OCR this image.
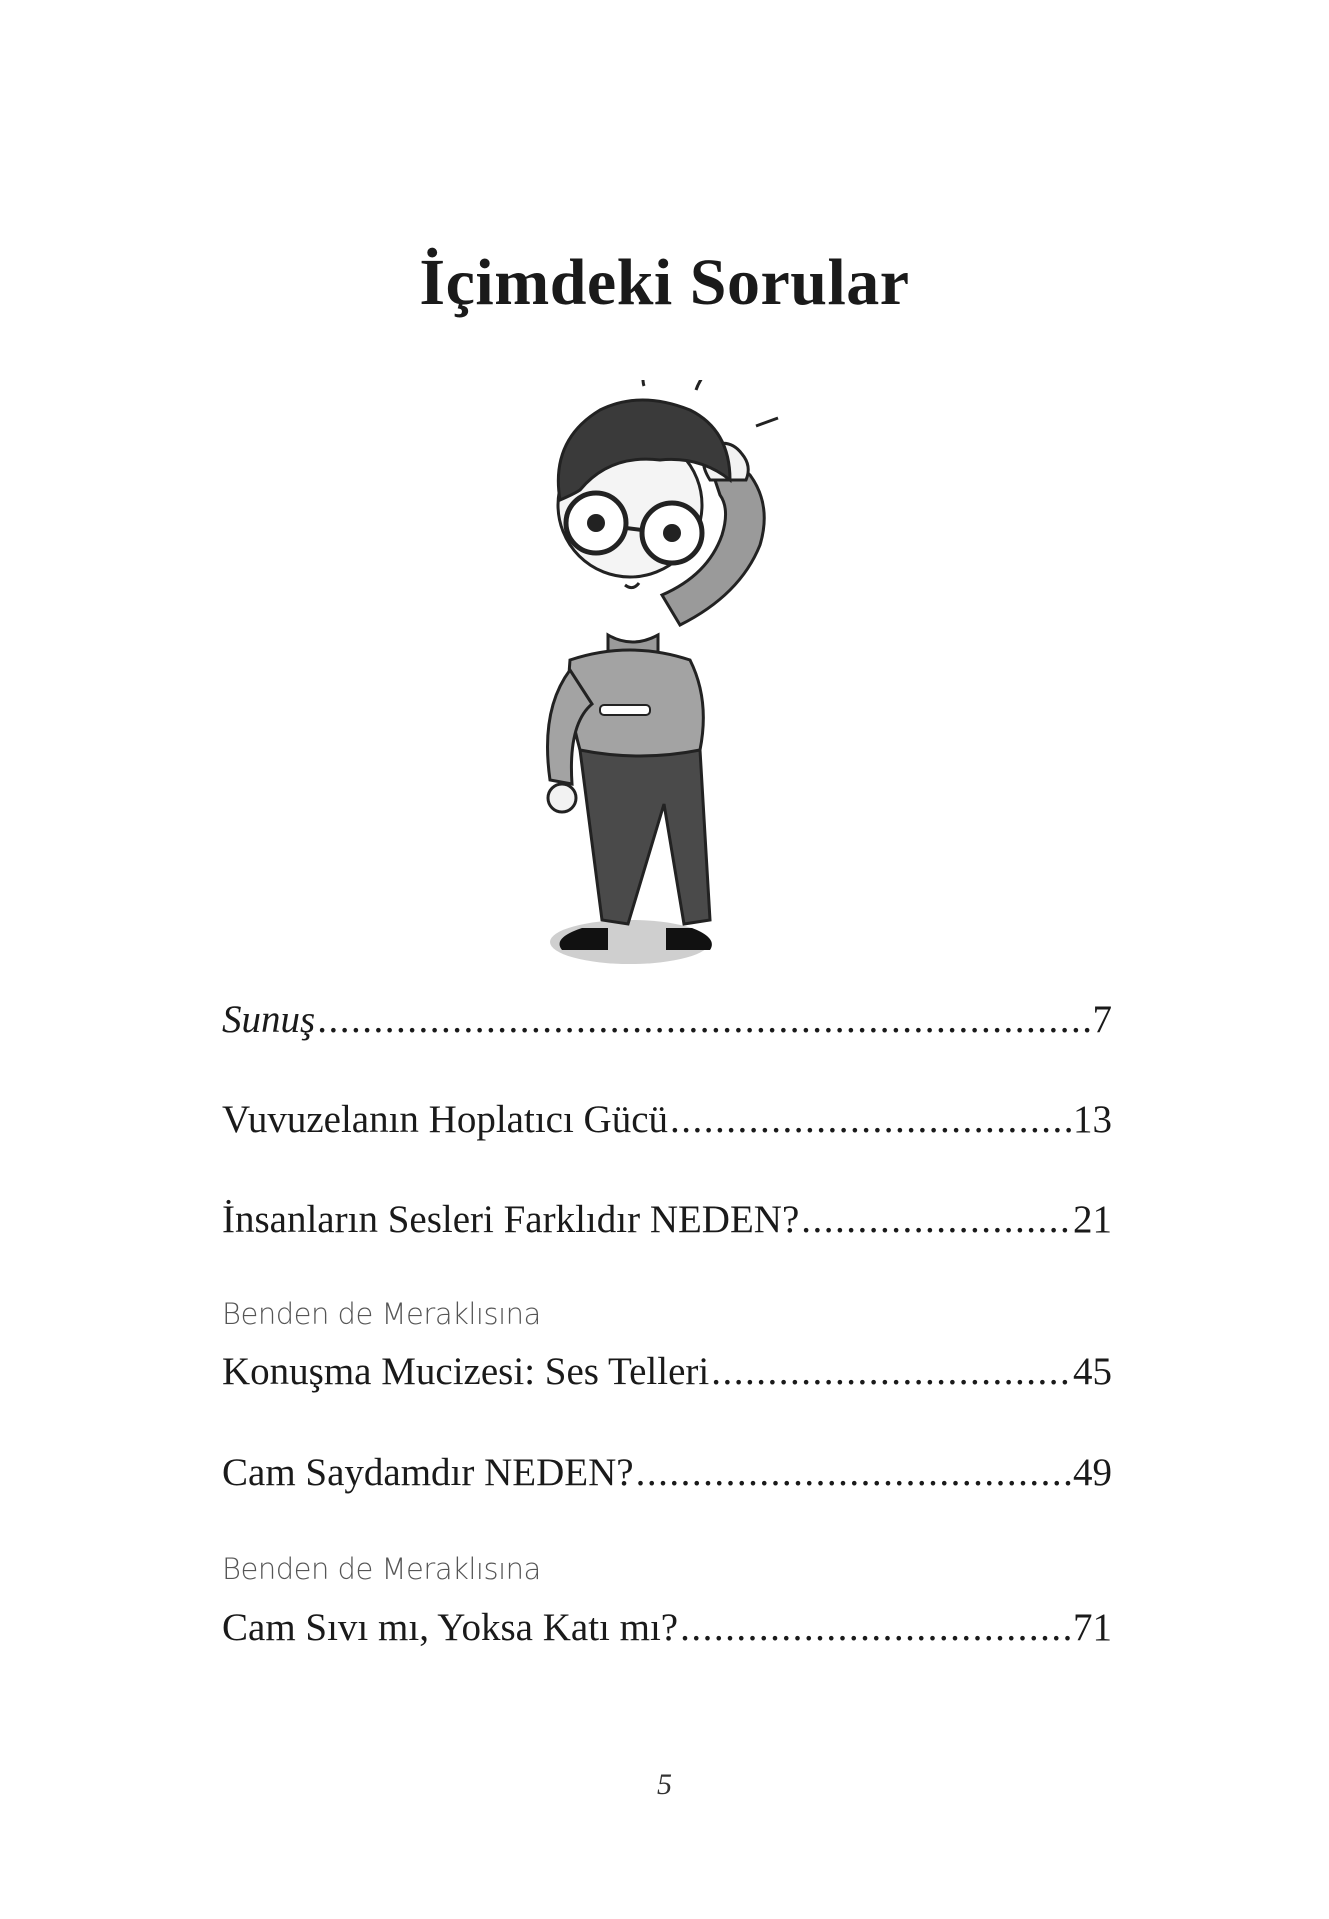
İçimdeki Sorular
Sunuş .....	7
Vuvuzelanın Hoplatıcı Gücü .....	13
İnsanların Sesleri Farklıdır NEDEN? .....	21
Benden de Meraklısına
Konuşma Mucizesi: Ses Telleri .....	45
Cam Saydamdır NEDEN? .....	49
Benden de Meraklısına
Cam Sıvı mı, Yoksa Katı mı? .....	71
5
